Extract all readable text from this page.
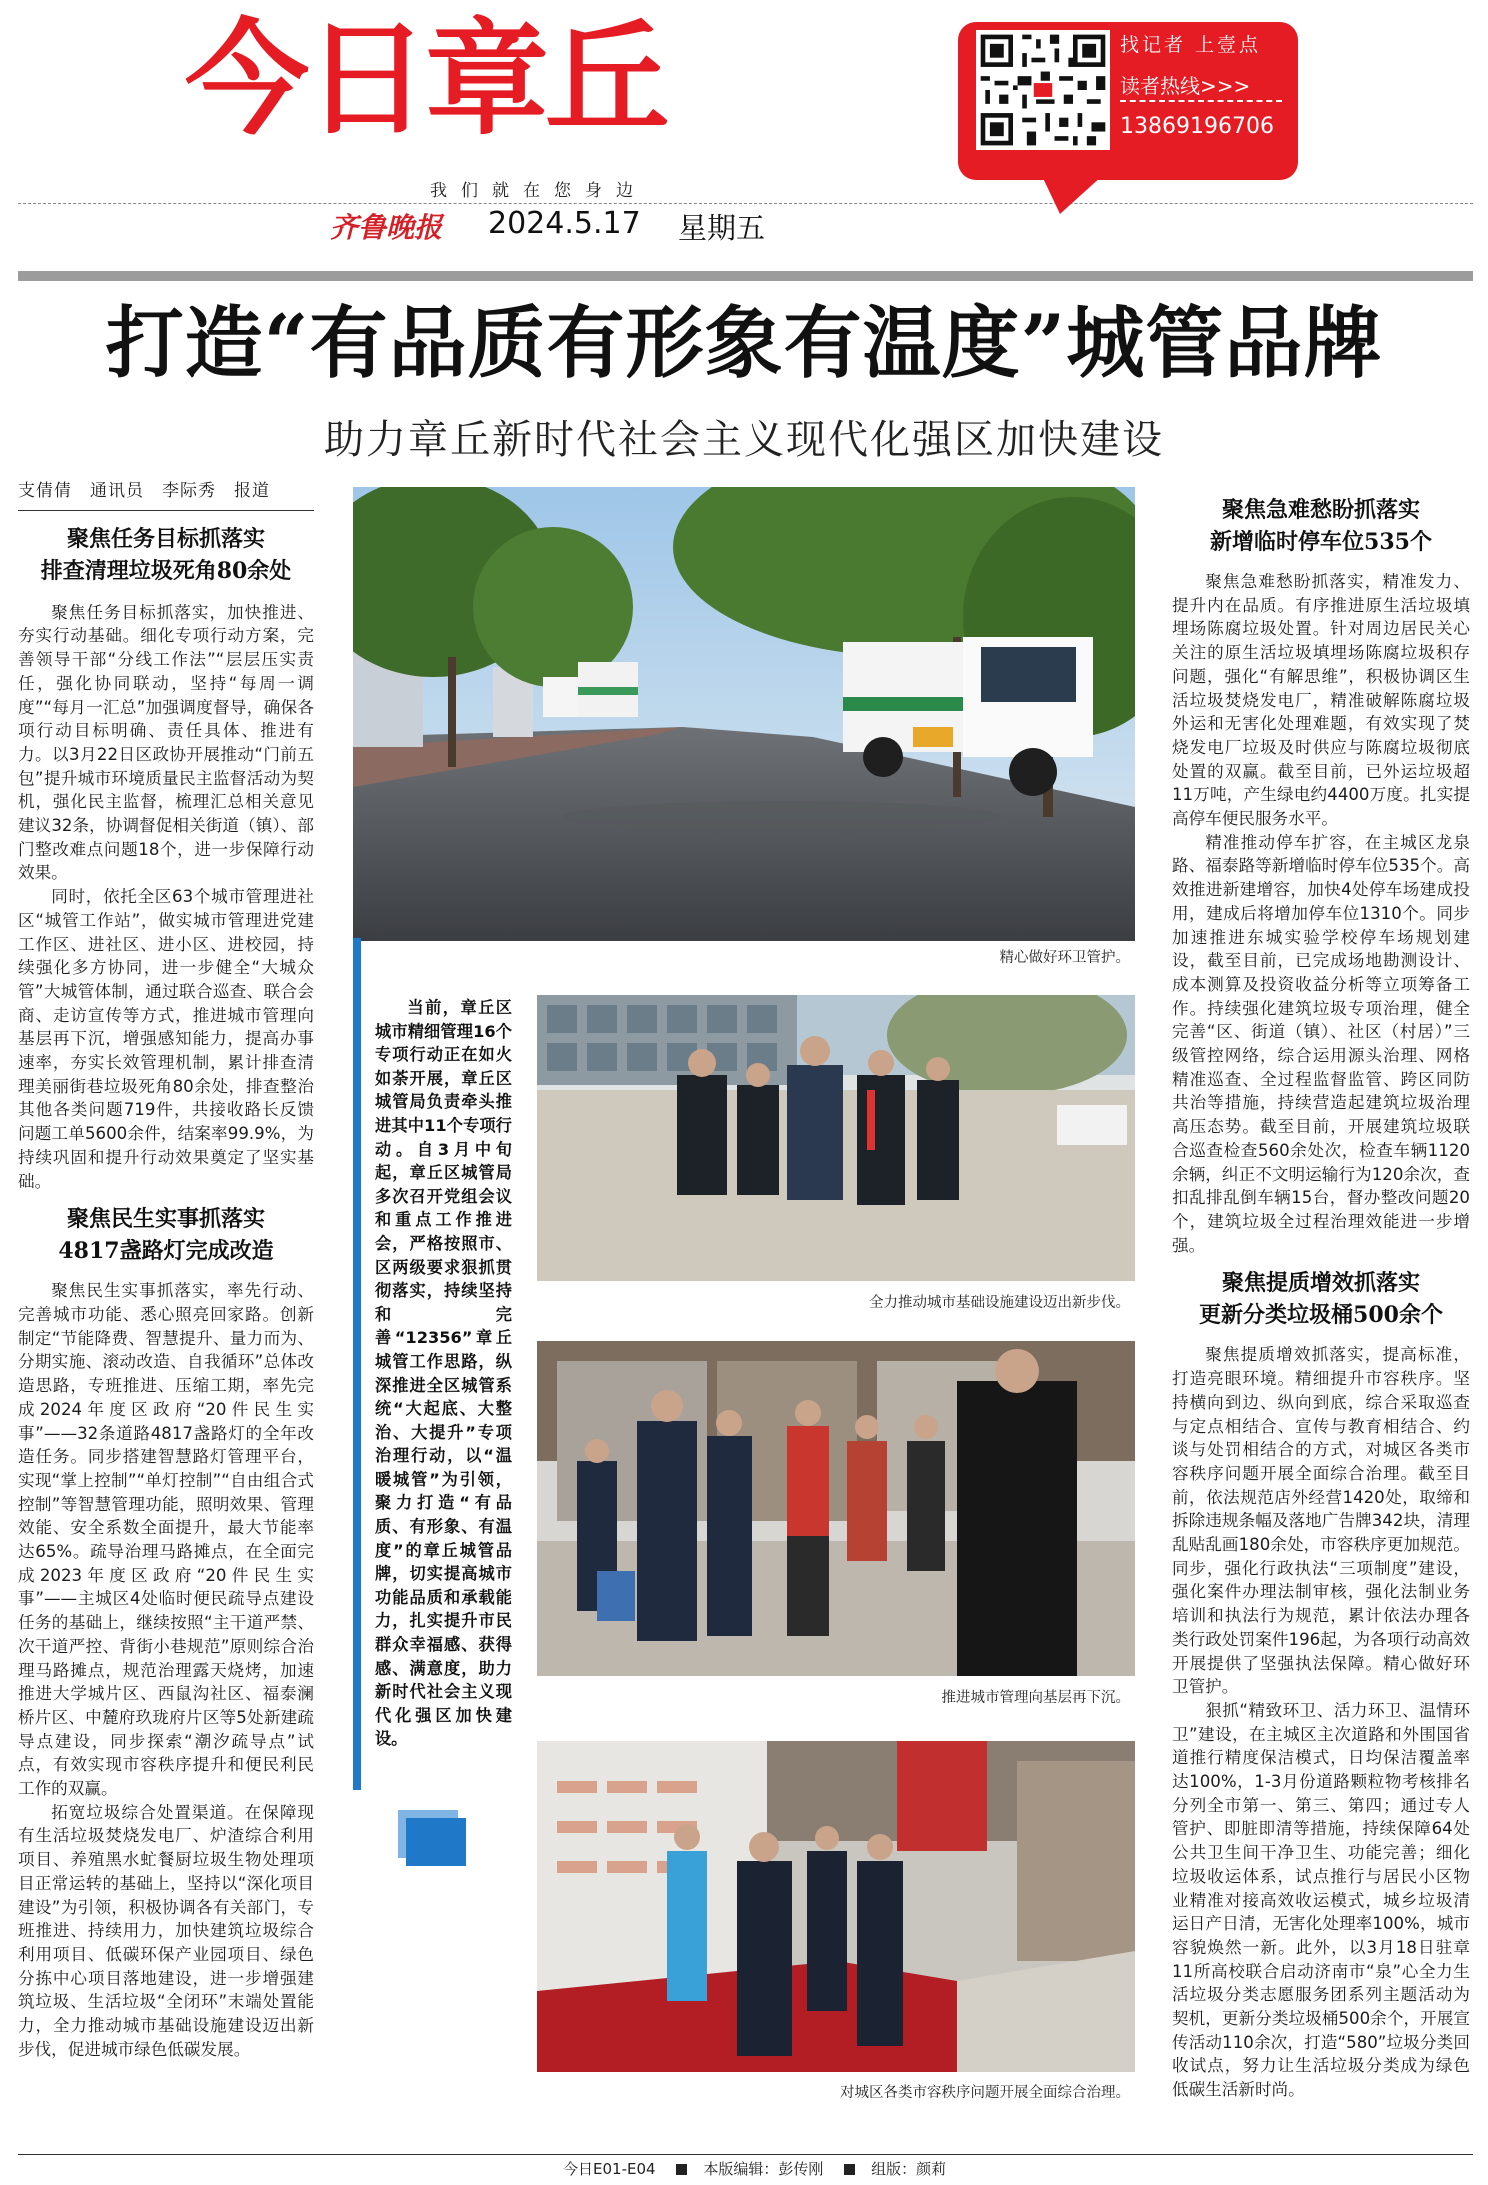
今日章丘
我们就在您身边
齐鲁晚报 2024.5.17 星期五
找记者 上壹点
读者热线>>>
13869196706
打造“有品质有形象有温度”城管品牌
助力章丘新时代社会主义现代化强区加快建设

支倩倩　通讯员　李际秀　报道

聚焦任务目标抓落实
排查清理垃圾死角80余处

聚焦任务目标抓落实，加快推进、夯实行动基础。细化专项行动方案，完善领导干部“分线工作法”“层层压实责任，强化协同联动，坚持“每周一调度”“每月一汇总”加强调度督导，确保各项行动目标明确、责任具体、推进有力。以3月22日区政协开展推动“门前五包”提升城市环境质量民主监督活动为契机，强化民主监督，梳理汇总相关意见建议32条，协调督促相关街道（镇）、部门整改难点问题18个，进一步保障行动效果。

同时，依托全区63个城市管理进社区“城管工作站”，做实城市管理进党建工作区、进社区、进小区、进校园，持续强化多方协同，进一步健全“大城众管”大城管体制，通过联合巡查、联合会商、走访宣传等方式，推进城市管理向基层再下沉，增强感知能力，提高办事速率，夯实长效管理机制，累计排查清理美丽街巷垃圾死角80余处，排查整治其他各类问题719件，共接收路长反馈问题工单5600余件，结案率99.9%，为持续巩固和提升行动效果奠定了坚实基础。

聚焦民生实事抓落实
4817盏路灯完成改造

聚焦民生实事抓落实，率先行动、完善城市功能、悉心照亮回家路。创新制定“节能降费、智慧提升、量力而为、分期实施、滚动改造、自我循环”总体改造思路，专班推进、压缩工期，率先完成2024年度区政府“20件民生实事”——32条道路4817盏路灯的全年改造任务。同步搭建智慧路灯管理平台，实现“掌上控制”“单灯控制”“自由组合式控制”等智慧管理功能，照明效果、管理效能、安全系数全面提升，最大节能率达65%。疏导治理马路摊点，在全面完成2023年度区政府“20件民生实事”——主城区4处临时便民疏导点建设任务的基础上，继续按照“主干道严禁、次干道严控、背街小巷规范”原则综合治理马路摊点，规范治理露天烧烤，加速推进大学城片区、西鼠沟社区、福泰澜桥片区、中麓府玖珑府片区等5处新建疏导点建设，同步探索“潮汐疏导点”试点，有效实现市容秩序提升和便民利民工作的双赢。

拓宽垃圾综合处置渠道。在保障现有生活垃圾焚烧发电厂、炉渣综合利用项目、养殖黑水虻餐厨垃圾生物处理项目正常运转的基础上，坚持以“深化项目建设”为引领，积极协调各有关部门，专班推进、持续用力，加快建筑垃圾综合利用项目、低碳环保产业园项目、绿色分拣中心项目落地建设，进一步增强建筑垃圾、生活垃圾“全闭环”末端处置能力，全力推动城市基础设施建设迈出新步伐，促进城市绿色低碳发展。

精心做好环卫管护。

当前，章丘区城市精细管理16个专项行动正在如火如荼开展，章丘区城管局负责牵头推进其中11个专项行动。自3月中旬起，章丘区城管局多次召开党组会议和重点工作推进会，严格按照市、区两级要求狠抓贯彻落实，持续坚持和完善“12356”章丘城管工作思路，纵深推进全区城管系统“大起底、大整治、大提升”专项治理行动，以“温暖城管”为引领，聚力打造“有品质、有形象、有温度”的章丘城管品牌，切实提高城市功能品质和承载能力，扎实提升市民群众幸福感、获得感、满意度，助力新时代社会主义现代化强区加快建设。

全力推动城市基础设施建设迈出新步伐。
推进城市管理向基层再下沉。
对城区各类市容秩序问题开展全面综合治理。

聚焦急难愁盼抓落实
新增临时停车位535个

聚焦急难愁盼抓落实，精准发力、提升内在品质。有序推进原生活垃圾填埋场陈腐垃圾处置。针对周边居民关心关注的原生活垃圾填埋场陈腐垃圾积存问题，强化“有解思维”，积极协调区生活垃圾焚烧发电厂，精准破解陈腐垃圾外运和无害化处理难题，有效实现了焚烧发电厂垃圾及时供应与陈腐垃圾彻底处置的双赢。截至目前，已外运垃圾超11万吨，产生绿电约4400万度。扎实提高停车便民服务水平。

精准推动停车扩容，在主城区龙泉路、福泰路等新增临时停车位535个。高效推进新建增容，加快4处停车场建成投用，建成后将增加停车位1310个。同步加速推进东城实验学校停车场规划建设，截至目前，已完成场地勘测设计、成本测算及投资收益分析等立项筹备工作。持续强化建筑垃圾专项治理，健全完善“区、街道（镇）、社区（村居）”三级管控网络，综合运用源头治理、网格精准巡查、全过程监督监管、跨区同防共治等措施，持续营造起建筑垃圾治理高压态势。截至目前，开展建筑垃圾联合巡查检查560余处次，检查车辆1120余辆，纠正不文明运输行为120余次，查扣乱排乱倒车辆15台，督办整改问题20个，建筑垃圾全过程治理效能进一步增强。

聚焦提质增效抓落实
更新分类垃圾桶500余个

聚焦提质增效抓落实，提高标准，打造亮眼环境。精细提升市容秩序。坚持横向到边、纵向到底，综合采取巡查与定点相结合、宣传与教育相结合、约谈与处罚相结合的方式，对城区各类市容秩序问题开展全面综合治理。截至目前，依法规范店外经营1420处，取缔和拆除违规条幅及落地广告牌342块，清理乱贴乱画180余处，市容秩序更加规范。同步，强化行政执法“三项制度”建设，强化案件办理法制审核，强化法制业务培训和执法行为规范，累计依法办理各类行政处罚案件196起，为各项行动高效开展提供了坚强执法保障。精心做好环卫管护。

狠抓“精致环卫、活力环卫、温情环卫”建设，在主城区主次道路和外围国省道推行精度保洁模式，日均保洁覆盖率达100%，1-3月份道路颗粒物考核排名分列全市第一、第三、第四；通过专人管护、即脏即清等措施，持续保障64处公共卫生间干净卫生、功能完善；细化垃圾收运体系，试点推行与居民小区物业精准对接高效收运模式，城乡垃圾清运日产日清，无害化处理率100%，城市容貌焕然一新。此外，以3月18日驻章11所高校联合启动济南市“泉”心全力生活垃圾分类志愿服务团系列主题活动为契机，更新分类垃圾桶500余个，开展宣传活动110余次，打造“580”垃圾分类回收试点，努力让生活垃圾分类成为绿色低碳生活新时尚。

今日E01-E04	本版编辑：彭传刚	组版：颜莉
